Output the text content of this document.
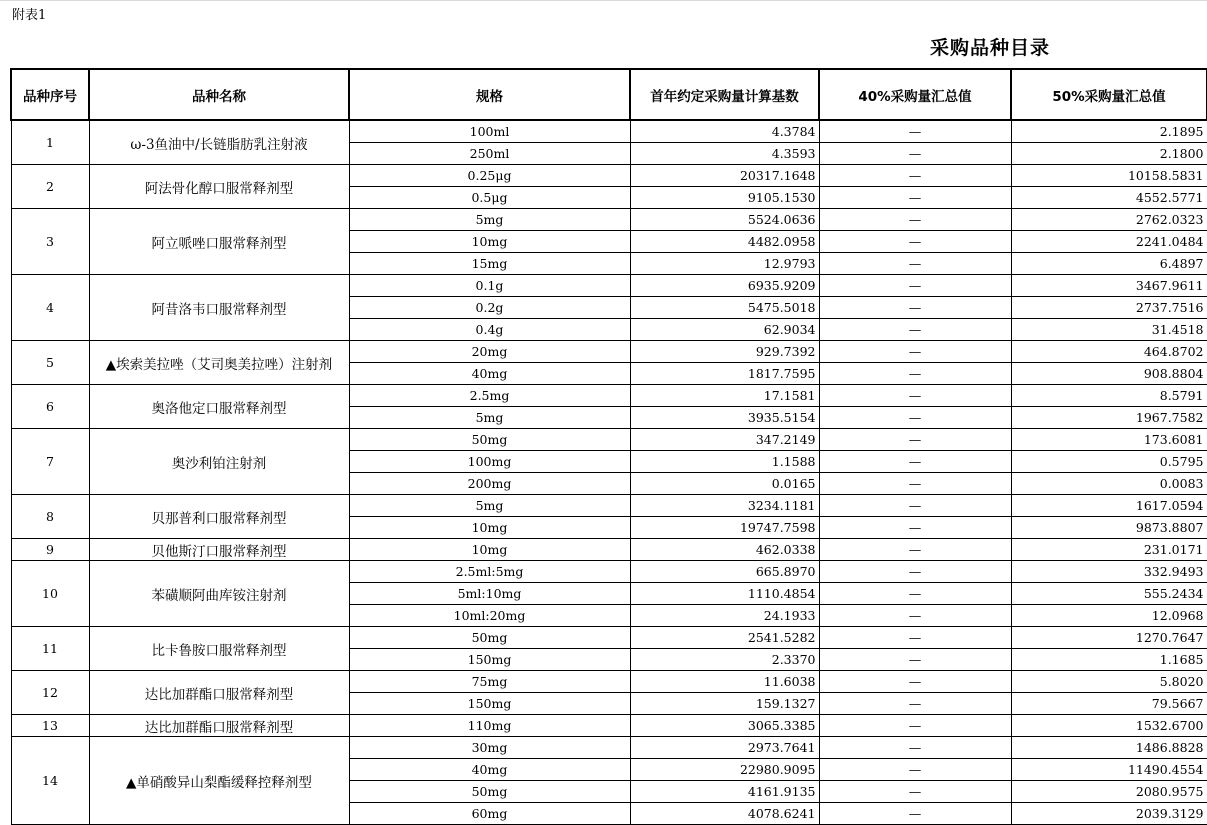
附表1
采购品种目录
品种序号	品种名称	规格	首年约定采购量计算基数	40%采购量汇总值	50%采购量汇总值
1	ω-3鱼油中/长链脂肪乳注射液	100ml	4.3784	—	2.1895
		250ml	4.3593	—	2.1800
2	阿法骨化醇口服常释剂型	0.25μg	20317.1648	—	10158.5831
		0.5μg	9105.1530	—	4552.5771
3	阿立哌唑口服常释剂型	5mg	5524.0636	—	2762.0323
		10mg	4482.0958	—	2241.0484
		15mg	12.9793	—	6.4897
4	阿昔洛韦口服常释剂型	0.1g	6935.9209	—	3467.9611
		0.2g	5475.5018	—	2737.7516
		0.4g	62.9034	—	31.4518
5	▲埃索美拉唑（艾司奥美拉唑）注射剂	20mg	929.7392	—	464.8702
		40mg	1817.7595	—	908.8804
6	奥洛他定口服常释剂型	2.5mg	17.1581	—	8.5791
		5mg	3935.5154	—	1967.7582
7	奥沙利铂注射剂	50mg	347.2149	—	173.6081
		100mg	1.1588	—	0.5795
		200mg	0.0165	—	0.0083
8	贝那普利口服常释剂型	5mg	3234.1181	—	1617.0594
		10mg	19747.7598	—	9873.8807
9	贝他斯汀口服常释剂型	10mg	462.0338	—	231.0171
10	苯磺顺阿曲库铵注射剂	2.5ml:5mg	665.8970	—	332.9493
		5ml:10mg	1110.4854	—	555.2434
		10ml:20mg	24.1933	—	12.0968
11	比卡鲁胺口服常释剂型	50mg	2541.5282	—	1270.7647
		150mg	2.3370	—	1.1685
12	达比加群酯口服常释剂型	75mg	11.6038	—	5.8020
		150mg	159.1327	—	79.5667
13	达比加群酯口服常释剂型	110mg	3065.3385	—	1532.6700
14	▲单硝酸异山梨酯缓释控释剂型	30mg	2973.7641	—	1486.8828
		40mg	22980.9095	—	11490.4554
		50mg	4161.9135	—	2080.9575
		60mg	4078.6241	—	2039.3129
